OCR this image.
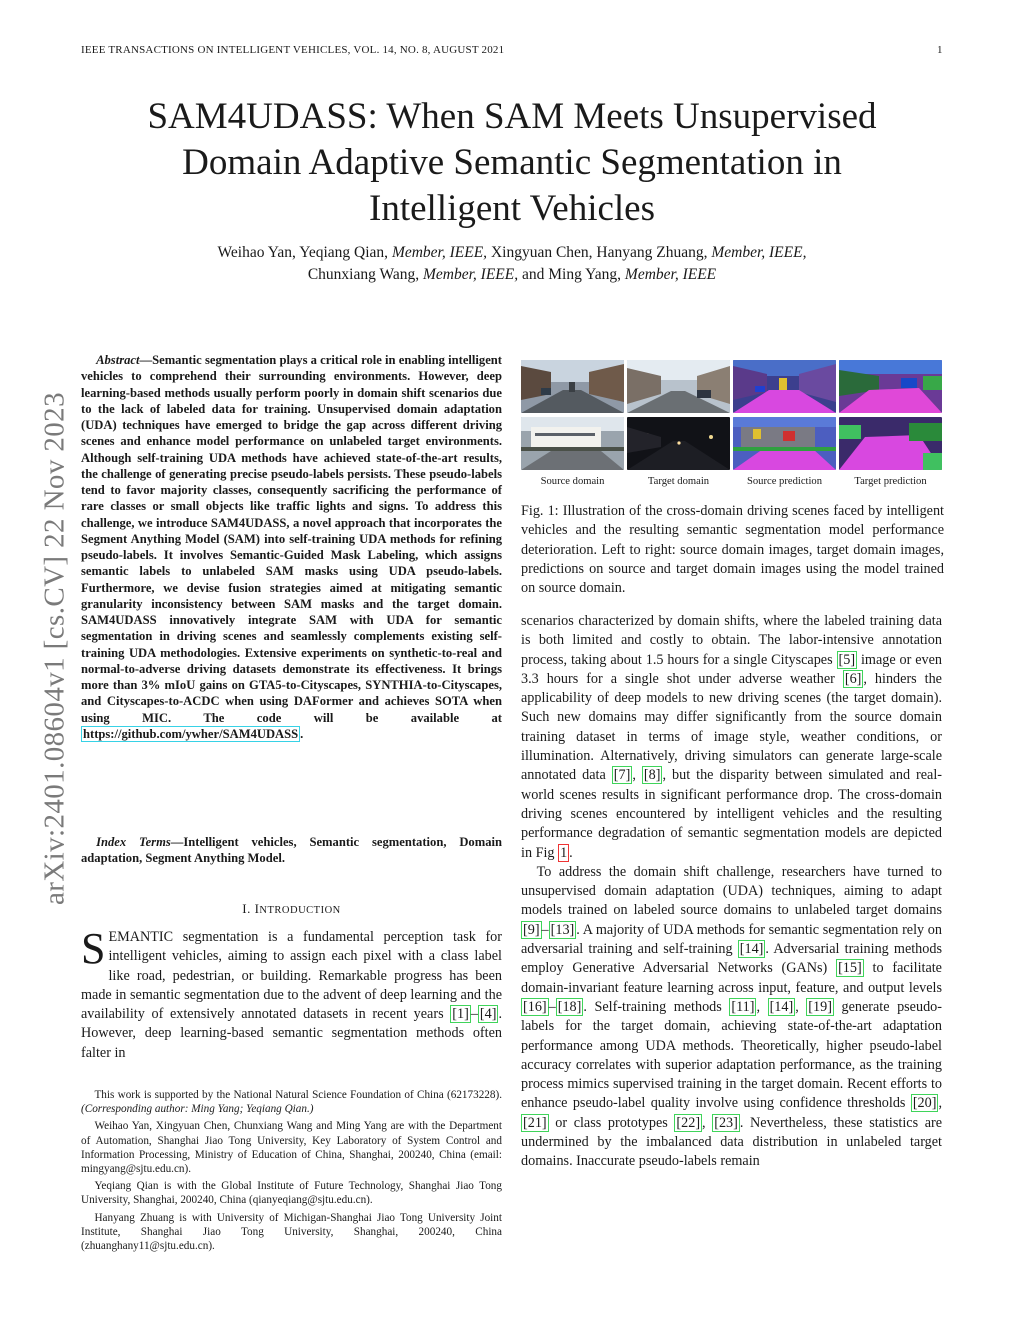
IEEE TRANSACTIONS ON INTELLIGENT VEHICLES, VOL. 14, NO. 8, AUGUST 2021	1
SAM4UDASS: When SAM Meets Unsupervised
Domain Adaptive Semantic Segmentation in
Intelligent Vehicles
Weihao Yan, Yeqiang Qian, Member, IEEE, Xingyuan Chen, Hanyang Zhuang, Member, IEEE,
Chunxiang Wang, Member, IEEE, and Ming Yang, Member, IEEE
arXiv:2401.08604v1 [cs.CV] 22 Nov 2023
Abstract—Semantic segmentation plays a critical role in enabling intelligent vehicles to comprehend their surrounding environments. However, deep learning-based methods usually perform poorly in domain shift scenarios due to the lack of labeled data for training. Unsupervised domain adaptation (UDA) techniques have emerged to bridge the gap across different driving scenes and enhance model performance on unlabeled target environments. Although self-training UDA methods have achieved state-of-the-art results, the challenge of generating precise pseudo-labels persists. These pseudo-labels tend to favor majority classes, consequently sacrificing the performance of rare classes or small objects like traffic lights and signs. To address this challenge, we introduce SAM4UDASS, a novel approach that incorporates the Segment Anything Model (SAM) into self-training UDA methods for refining pseudo-labels. It involves Semantic-Guided Mask Labeling, which assigns semantic labels to unlabeled SAM masks using UDA pseudo-labels. Furthermore, we devise fusion strategies aimed at mitigating semantic granularity inconsistency between SAM masks and the target domain. SAM4UDASS innovatively integrate SAM with UDA for semantic segmentation in driving scenes and seamlessly complements existing self-training UDA methodologies. Extensive experiments on synthetic-to-real and normal-to-adverse driving datasets demonstrate its effectiveness. It brings more than 3% mIoU gains on GTA5-to-Cityscapes, SYNTHIA-to-Cityscapes, and Cityscapes-to-ACDC when using DAFormer and achieves SOTA when using MIC. The code will be available at https://github.com/ywher/SAM4UDASS .
Index Terms—Intelligent vehicles, Semantic segmentation, Domain adaptation, Segment Anything Model.
I. INTRODUCTION
SEMANTIC segmentation is a fundamental perception task for intelligent vehicles, aiming to assign each pixel with a class label like road, pedestrian, or building. Remarkable progress has been made in semantic segmentation due to the advent of deep learning and the availability of extensively annotated datasets in recent years [1] – [4] . However, deep learning-based semantic segmentation methods often falter in

This work is supported by the National Natural Science Foundation of China (62173228). (Corresponding author: Ming Yang; Yeqiang Qian.)

Weihao Yan, Xingyuan Chen, Chunxiang Wang and Ming Yang are with the Department of Automation, Shanghai Jiao Tong University, Key Laboratory of System Control and Information Processing, Ministry of Education of China, Shanghai, 200240, China (email: mingyang@sjtu.edu.cn).

Yeqiang Qian is with the Global Institute of Future Technology, Shanghai Jiao Tong University, Shanghai, 200240, China (qianyeqiang@sjtu.edu.cn).

Hanyang Zhuang is with University of Michigan-Shanghai Jiao Tong University Joint Institute, Shanghai Jiao Tong University, Shanghai, 200240, China (zhuanghany11@sjtu.edu.cn).

Source domain	Target domain	Source prediction	Target prediction
Fig. 1: Illustration of the cross-domain driving scenes faced by intelligent vehicles and the resulting semantic segmentation model performance deterioration. Left to right: source domain images, target domain images, predictions on source and target domain images using the model trained on source domain.

scenarios characterized by domain shifts, where the labeled training data is both limited and costly to obtain. The labor-intensive annotation process, taking about 1.5 hours for a single Cityscapes [5] image or even 3.3 hours for a single shot under adverse weather [6] , hinders the applicability of deep models to new driving scenes (the target domain). Such new domains may differ significantly from the source domain training dataset in terms of image style, weather conditions, or illumination. Alternatively, driving simulators can generate large-scale annotated data [7] , [8] , but the disparity between simulated and real-world scenes results in significant performance drop. The cross-domain driving scenes encountered by intelligent vehicles and the resulting performance degradation of semantic segmentation models are depicted in Fig 1 .

To address the domain shift challenge, researchers have turned to unsupervised domain adaptation (UDA) techniques, aiming to adapt models trained on labeled source domains to unlabeled target domains [9] – [13] . A majority of UDA methods for semantic segmentation rely on adversarial training and self-training [14] . Adversarial training methods employ Generative Adversarial Networks (GANs) [15] to facilitate domain-invariant feature learning across input, feature, and output levels [16] – [18] . Self-training methods [11] , [14] , [19] generate pseudo-labels for the target domain, achieving state-of-the-art adaptation performance among UDA methods. Theoretically, higher pseudo-label accuracy correlates with superior adaptation performance, as the training process mimics supervised training in the target domain. Recent efforts to enhance pseudo-label quality involve using confidence thresholds [20] , [21] or class prototypes [22] , [23] . Nevertheless, these statistics are undermined by the imbalanced data distribution in unlabeled target domains. Inaccurate pseudo-labels remain
